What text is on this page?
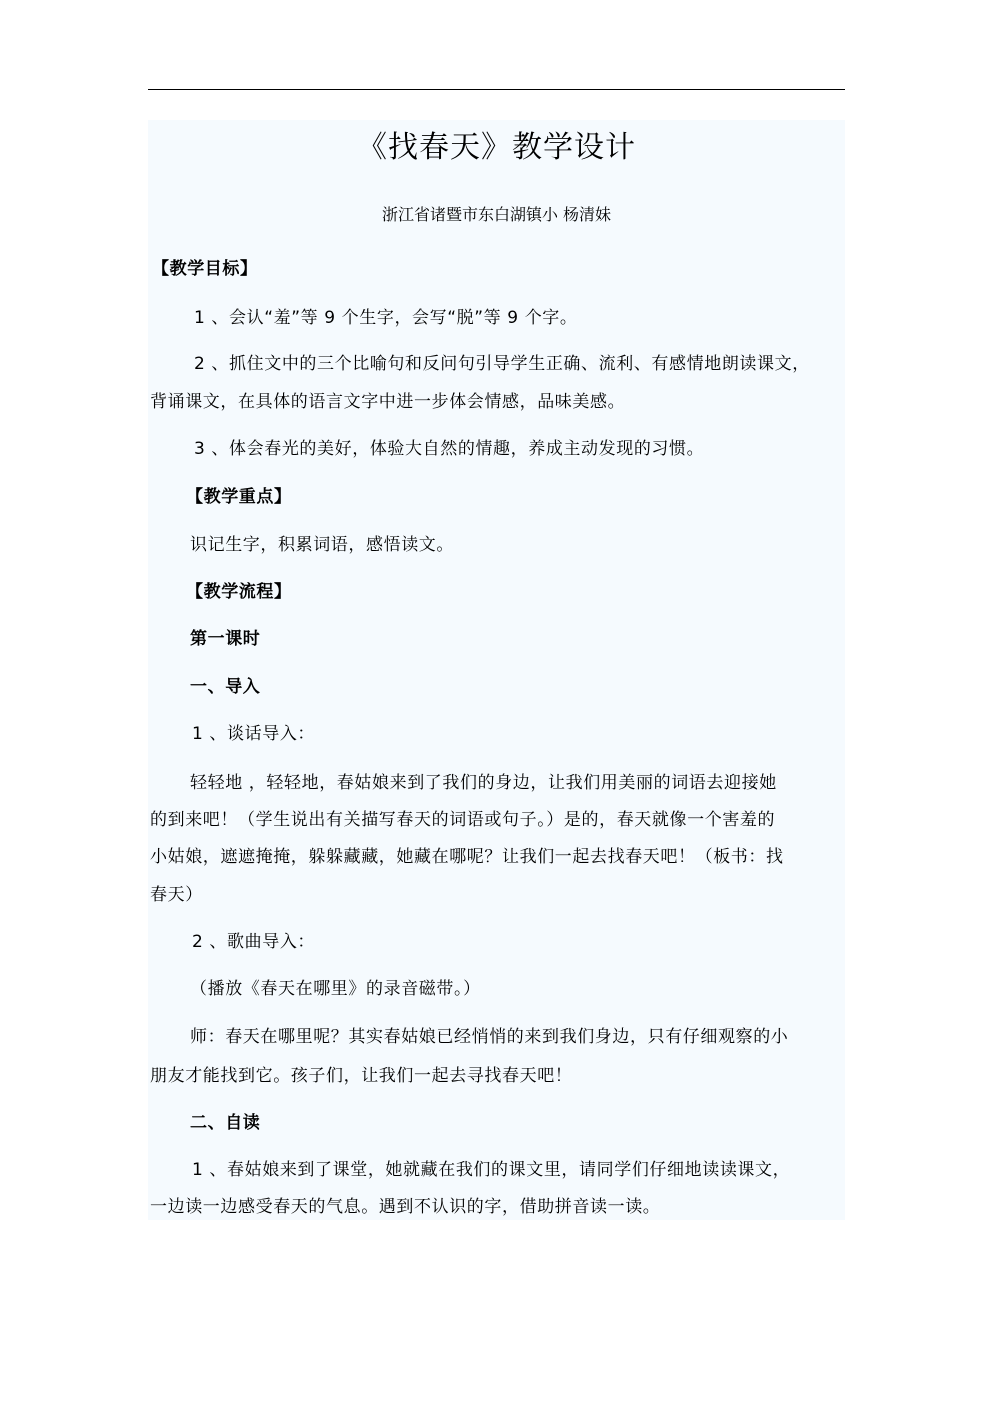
《找春天》教学设计
浙江省诸暨市东白湖镇小 杨清妹
【教学目标】
1 、会认“羞”等 9 个生字，会写“脱”等 9 个字。
2 、抓住文中的三个比喻句和反问句引导学生正确、流利、有感情地朗读课文，
背诵课文，在具体的语言文字中进一步体会情感，品味美感。
3 、体会春光的美好，体验大自然的情趣，养成主动发现的习惯。
【教学重点】
识记生字，积累词语，感悟读文。
【教学流程】
第一课时
一、导入
1 、谈话导入：
轻轻地 ，轻轻地，春姑娘来到了我们的身边，让我们用美丽的词语去迎接她
的到来吧！（学生说出有关描写春天的词语或句子。）是的，春天就像一个害羞的
小姑娘，遮遮掩掩，躲躲藏藏，她藏在哪呢？让我们一起去找春天吧！（板书：找
春天）
2 、歌曲导入：
（播放《春天在哪里》的录音磁带。）
师：春天在哪里呢？其实春姑娘已经悄悄的来到我们身边，只有仔细观察的小
朋友才能找到它。孩子们，让我们一起去寻找春天吧！
二、自读
1 、春姑娘来到了课堂，她就藏在我们的课文里，请同学们仔细地读读课文，
一边读一边感受春天的气息。遇到不认识的字，借助拼音读一读。
